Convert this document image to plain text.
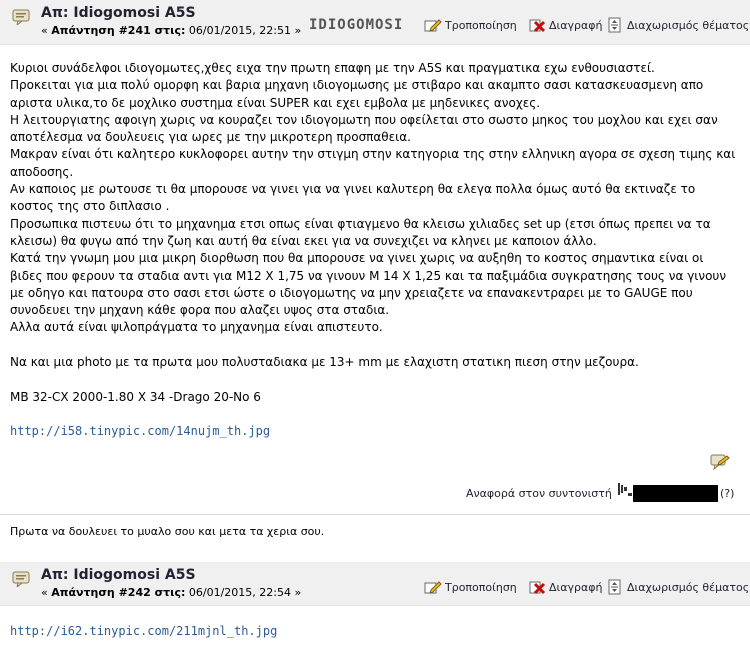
Απ: Idiogomosi A5S
« Απάντηση #241 στις: 06/01/2015, 22:51 » IDIOGOMOSI	Τροποποίηση	Διαγραφή Διαχωρισμός θέματος

Κυριοι συνάδελφοι ιδιογομωτες,χθες ειχα την πρωτη επαφη με την A5S και πραγματικα εχω ενθουσιαστεί.

Προκειται για μια πολύ ομορφη και βαρια μηχανη ιδιογομωσης με στιβαρο και ακαμπτο σασι κατασκευασμενη απο αριστα υλικα,το δε μοχλικο συστημα είναι SUPER και εχει εμβολα με μηδενικες ανοχες.

Η λειτουργιατης αφοιγη χωρις να κουραζει τον ιδιογομωτη που οφείλεται στο σωστο μηκος του μοχλου και εχει σαν αποτέλεσμα να δουλευεις για ωρες με την μικροτερη προσπαθεια.

Μακραν είναι ότι καλητερο κυκλοφορει αυτην την στιγμη στην κατηγορια της στην ελληνικη αγορα σε σχεση τιμης και αποδοσης.

Αν καποιος με ρωτουσε τι θα μπορουσε να γινει για να γινει καλυτερη θα ελεγα πολλα όμως αυτό θα εκτιναζε το κοστος της στο διπλασιο .

Προσωπικα πιστευω ότι το μηχανημα ετσι οπως είναι φτιαγμενο θα κλεισω χιλιαδες set up (ετσι όπως πρεπει να τα κλεισω) θα φυγω από την ζωη και αυτή θα είναι εκει για να συνεχιζει να κληνει με καποιον άλλο.

Κατά την γνωμη μου μια μικρη διορθωση που θα μπορουσε να γινει χωρις να αυξηθη το κοστος σημαντικα είναι οι βιδες που φερουν τα σταδια αντι για Μ12 Χ 1,75 να γινουν Μ 14 Χ 1,25 και τα παξιμάδια συγκρατησης τους να γινουν με οδηγο και πατουρα στο σασι ετσι ώστε ο ιδιογομωτης να μην χρειαζετε να επανακεντραρει με το GAUGE που συνοδευει την μηχανη κάθε φορα που αλαζει υψος στα σταδια.

Αλλα αυτά είναι ψιλοπράγματα το μηχανημα είναι απιστευτο.

Να και μια photo με τα πρωτα μου πολυσταδιακα με 13+ mm με ελαχιστη στατικη πιεση στην μεζουρα.

MB 32-CX 2000-1.80 X 34 -Drago 20-No 6

http://i58.tinypic.com/14nujm_th.jpg

Αναφορά στον συντονιστή	(?)
Πρωτα να δουλευει το μυαλο σου και μετα τα χερια σου.
Απ: Idiogomosi A5S
« Απάντηση #242 στις: 06/01/2015, 22:54 »	Τροποποίηση	Διαγραφή Διαχωρισμός θέματος
http://i62.tinypic.com/211mjnl_th.jpg
